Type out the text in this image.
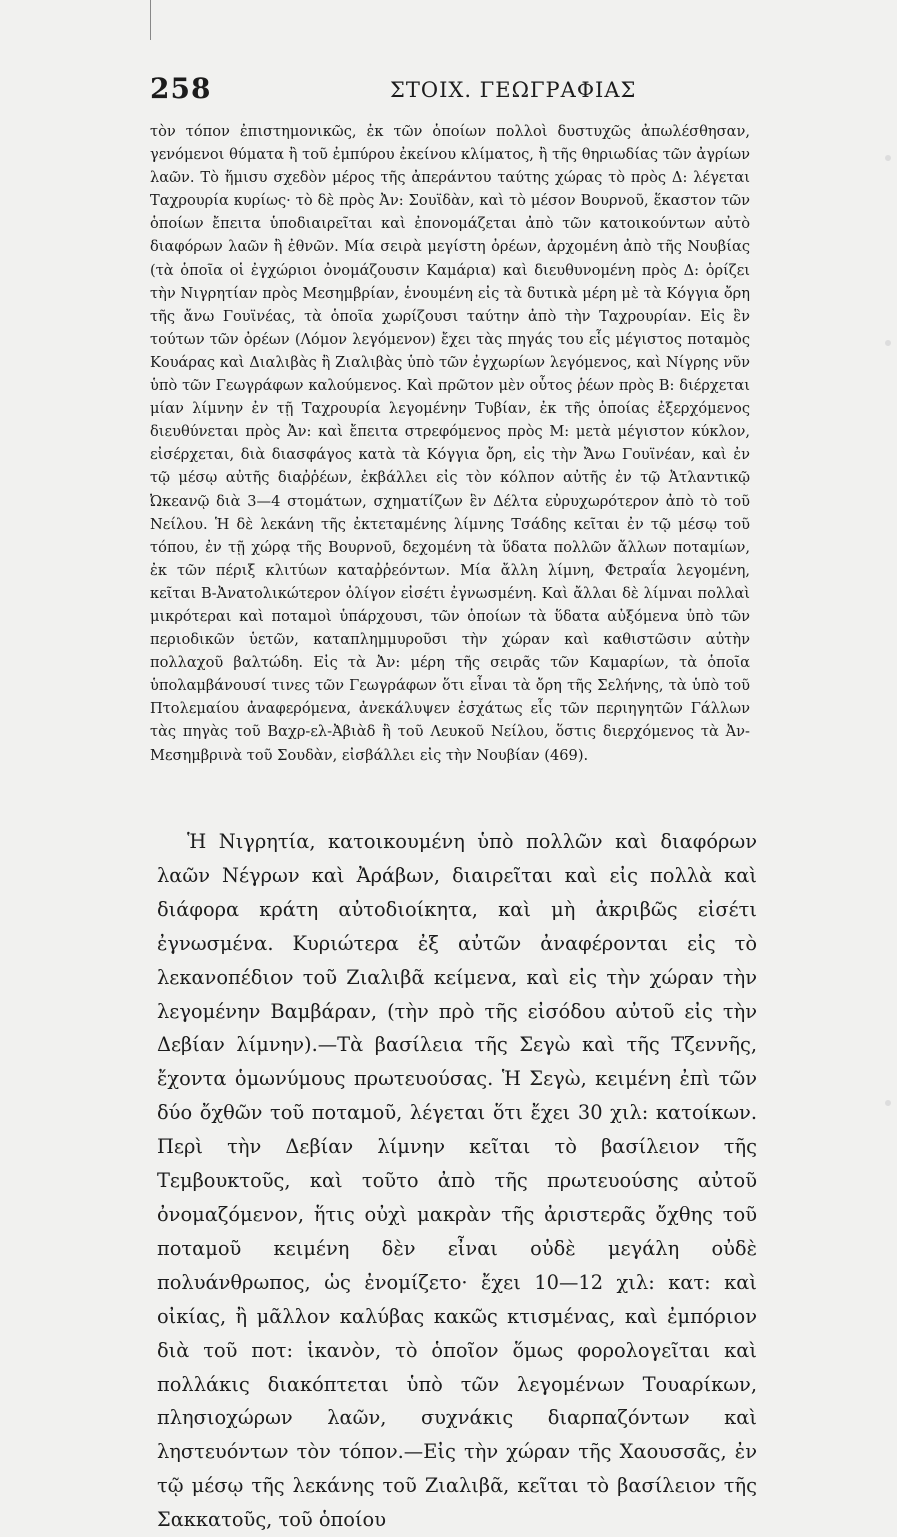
258	ΣΤΟΙΧ. ΓΕΩΓΡΑΦΙΑΣ

τὸν τόπον ἐπιστημονικῶς, ἐκ τῶν ὁποίων πολλοὶ δυστυχῶς ἀπωλέσθησαν, γενόμενοι θύματα ἢ τοῦ ἐμπύρου ἐκείνου κλίματος, ἢ τῆς θηριωδίας τῶν ἀγρίων λαῶν. Τὸ ἥμισυ σχεδὸν μέρος τῆς ἀπεράντου ταύτης χώρας τὸ πρὸς Δ: λέγεται Ταχρουρία κυρίως· τὸ δὲ πρὸς Ἀν: Σουϊδὰν, καὶ τὸ μέσον Βουρνοῦ, ἕκαστον τῶν ὁποίων ἔπειτα ὑποδιαιρεῖται καὶ ἐπονομάζεται ἀπὸ τῶν κατοικούντων αὐτὸ διαφόρων λαῶν ἢ ἐθνῶν. Μία σειρὰ μεγίστη ὀρέων, ἀρχομένη ἀπὸ τῆς Νουβίας (τὰ ὁποῖα οἱ ἐγχώριοι ὀνομάζουσιν Καμάρια) καὶ διευθυνομένη πρὸς Δ: ὁρίζει τὴν Νιγρητίαν πρὸς Μεσημβρίαν, ἑνουμένη εἰς τὰ δυτικὰ μέρη μὲ τὰ Κόγγια ὄρη τῆς ἄνω Γουϊνέας, τὰ ὁποῖα χωρίζουσι ταύτην ἀπὸ τὴν Ταχρουρίαν. Εἰς ἓν τούτων τῶν ὀρέων (Λόμον λεγόμενον) ἔχει τὰς πηγάς του εἷς μέγιστος ποταμὸς Κουάρας καὶ Διαλιβὰς ἢ Ζιαλιβὰς ὑπὸ τῶν ἐγχωρίων λεγόμενος, καὶ Νίγρης νῦν ὑπὸ τῶν Γεωγράφων καλούμενος. Καὶ πρῶτον μὲν οὗτος ῥέων πρὸς Β: διέρχεται μίαν λίμνην ἐν τῇ Ταχρουρία λεγομένην Τυβίαν, ἐκ τῆς ὁποίας ἐξερχόμενος διευθύνεται πρὸς Ἀν: καὶ ἔπειτα στρεφόμενος πρὸς Μ: μετὰ μέγιστον κύκλον, εἰσέρχεται, διὰ διασφάγος κατὰ τὰ Κόγγια ὄρη, εἰς τὴν Ἄνω Γουϊνέαν, καὶ ἐν τῷ μέσῳ αὐτῆς διαῤῥέων, ἐκβάλλει εἰς τὸν κόλπον αὐτῆς ἐν τῷ Ἀτλαντικῷ Ὠκεανῷ διὰ 3—4 στομάτων, σχηματίζων ἓν Δέλτα εὐρυχωρότερον ἀπὸ τὸ τοῦ Νείλου. Ἡ δὲ λεκάνη τῆς ἐκτεταμένης λίμνης Τσάδης κεῖται ἐν τῷ μέσῳ τοῦ τόπου, ἐν τῇ χώρᾳ τῆς Βουρνοῦ, δεχομένη τὰ ὕδατα πολλῶν ἄλλων ποταμίων, ἐκ τῶν πέριξ κλιτύων καταῤῥεόντων. Μία ἄλλη λίμνη, Φετραΐα λεγομένη, κεῖται Β-Ἀνατολικώτερον ὀλίγον εἰσέτι ἐγνωσμένη. Καὶ ἄλλαι δὲ λίμναι πολλαὶ μικρότεραι καὶ ποταμοὶ ὑπάρχουσι, τῶν ὁποίων τὰ ὕδατα αὐξόμενα ὑπὸ τῶν περιοδικῶν ὑετῶν, καταπλημμυροῦσι τὴν χώραν καὶ καθιστῶσιν αὐτὴν πολλαχοῦ βαλτώδη. Εἰς τὰ Ἀν: μέρη τῆς σειρᾶς τῶν Καμαρίων, τὰ ὁποῖα ὑπολαμβάνουσί τινες τῶν Γεωγράφων ὅτι εἶναι τὰ ὄρη τῆς Σελήνης, τὰ ὑπὸ τοῦ Πτολεμαίου ἀναφερόμενα, ἀνεκάλυψεν ἐσχάτως εἷς τῶν περιηγητῶν Γάλλων τὰς πηγὰς τοῦ Βαχρ-ελ-Ἀβιὰδ ἢ τοῦ Λευκοῦ Νείλου, ὅστις διερχόμενος τὰ Ἀν-Μεσημβρινὰ τοῦ Σουδὰν, εἰσβάλλει εἰς τὴν Νουβίαν (469).

Ἡ Νιγρητία, κατοικουμένη ὑπὸ πολλῶν καὶ διαφόρων λαῶν Νέγρων καὶ Ἀράβων, διαιρεῖται καὶ εἰς πολλὰ καὶ διάφορα κράτη αὐτοδιοίκητα, καὶ μὴ ἀκριβῶς εἰσέτι ἐγνωσμένα. Κυριώτερα ἐξ αὐτῶν ἀναφέρονται εἰς τὸ λεκανοπέδιον τοῦ Ζιαλιβᾶ κείμενα, καὶ εἰς τὴν χώραν τὴν λεγομένην Βαμβάραν, (τὴν πρὸ τῆς εἰσόδου αὐτοῦ εἰς τὴν Δεβίαν λίμνην).—Τὰ βασίλεια τῆς Σεγὼ καὶ τῆς Τζεννῆς, ἔχοντα ὁμωνύμους πρωτευούσας. Ἡ Σεγὼ, κειμένη ἐπὶ τῶν δύο ὄχθῶν τοῦ ποταμοῦ, λέγεται ὅτι ἔχει 30 χιλ: κατοίκων. Περὶ τὴν Δεβίαν λίμνην κεῖται τὸ βασίλειον τῆς Τεμβουκτοῦς, καὶ τοῦτο ἀπὸ τῆς πρωτευούσης αὐτοῦ ὀνομαζόμενον, ἥτις οὐχὶ μακρὰν τῆς ἀριστερᾶς ὄχθης τοῦ ποταμοῦ κειμένη δὲν εἶναι οὐδὲ μεγάλη οὐδὲ πολυάνθρωπος, ὡς ἐνομίζετο· ἔχει 10—12 χιλ: κατ: καὶ οἰκίας, ἢ μᾶλλον καλύβας κακῶς κτισμένας, καὶ ἐμπόριον διὰ τοῦ ποτ: ἱκανὸν, τὸ ὁποῖον ὅμως φορολογεῖται καὶ πολλάκις διακόπτεται ὑπὸ τῶν λεγομένων Τουαρίκων, πλησιοχώρων λαῶν, συχνάκις διαρπαζόντων καὶ ληστευόντων τὸν τόπον.—Εἰς τὴν χώραν τῆς Χαουσσᾶς, ἐν τῷ μέσῳ τῆς λεκάνης τοῦ Ζιαλιβᾶ, κεῖται τὸ βασίλειον τῆς Σακκατοῦς, τοῦ ὁποίου
